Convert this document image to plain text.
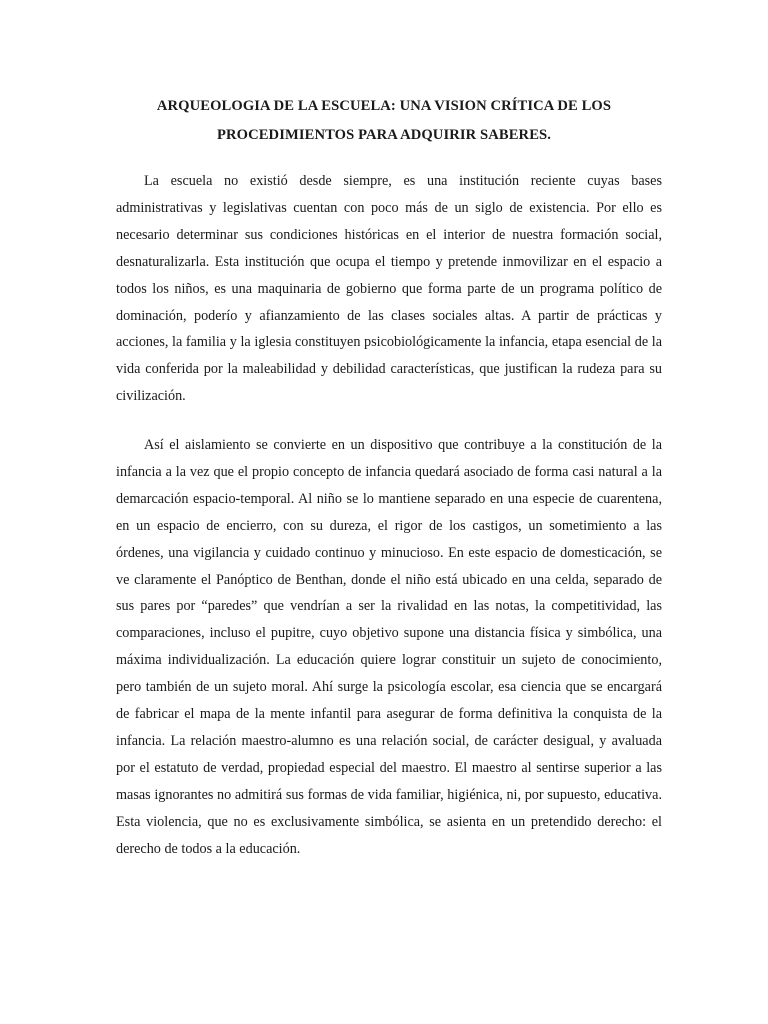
ARQUEOLOGIA DE LA ESCUELA: UNA VISION CRÍTICA DE LOS
PROCEDIMIENTOS PARA ADQUIRIR SABERES.

La escuela no existió desde siempre, es una institución reciente cuyas bases administrativas y legislativas cuentan con poco más de un siglo de existencia. Por ello es necesario determinar sus condiciones históricas en el interior de nuestra formación social, desnaturalizarla. Esta institución que ocupa el tiempo y pretende inmovilizar en el espacio a todos los niños, es una maquinaria de gobierno que forma parte de un programa político de dominación, poderío y afianzamiento de las clases sociales altas. A partir de prácticas y acciones, la familia y la iglesia constituyen psicobiológicamente la infancia, etapa esencial de la vida conferida por la maleabilidad y debilidad características, que justifican la rudeza para su civilización.

Así el aislamiento se convierte en un dispositivo que contribuye a la constitución de la infancia a la vez que el propio concepto de infancia quedará asociado de forma casi natural a la demarcación espacio-temporal. Al niño se lo mantiene separado en una especie de cuarentena, en un espacio de encierro, con su dureza, el rigor de los castigos, un sometimiento a las órdenes, una vigilancia y cuidado continuo y minucioso. En este espacio de domesticación, se ve claramente el Panóptico de Benthan, donde el niño está ubicado en una celda, separado de sus pares por “paredes” que vendrían a ser la rivalidad en las notas, la competitividad, las comparaciones, incluso el pupitre, cuyo objetivo supone una distancia física y simbólica, una máxima individualización. La educación quiere lograr constituir un sujeto de conocimiento, pero también de un sujeto moral. Ahí surge la psicología escolar, esa ciencia que se encargará de fabricar el mapa de la mente infantil para asegurar de forma definitiva la conquista de la infancia. La relación maestro-alumno es una relación social, de carácter desigual, y avaluada por el estatuto de verdad, propiedad especial del maestro. El maestro al sentirse superior a las masas ignorantes no admitirá sus formas de vida familiar, higiénica, ni, por supuesto, educativa. Esta violencia, que no es exclusivamente simbólica, se asienta en un pretendido derecho: el derecho de todos a la educación.
